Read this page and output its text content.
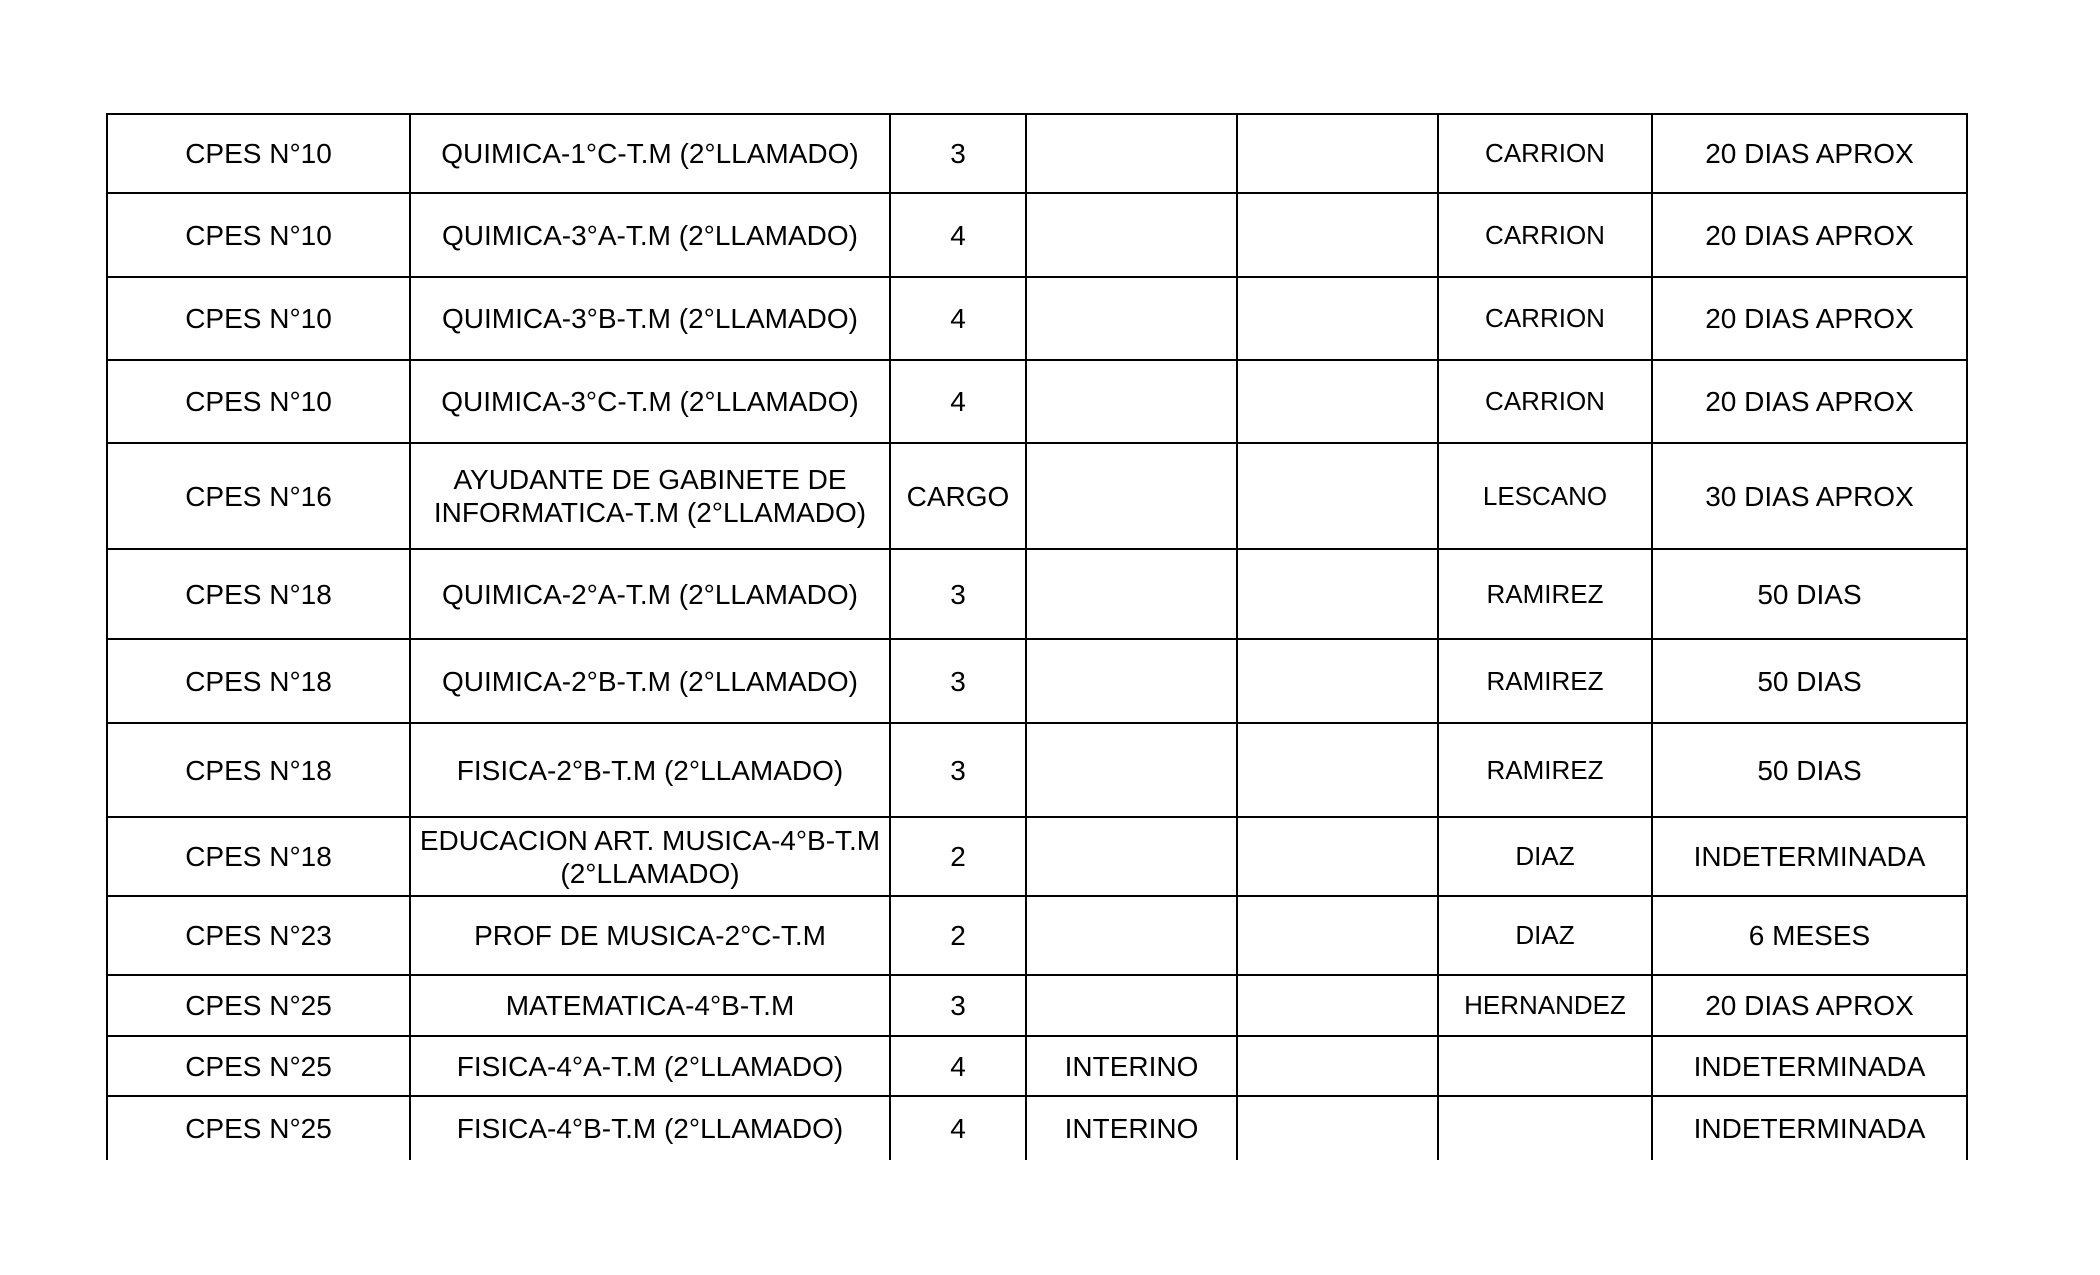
CPES N°10	QUIMICA-1°C-T.M (2°LLAMADO)	3			CARRION	20 DIAS APROX
CPES N°10	QUIMICA-3°A-T.M (2°LLAMADO)	4			CARRION	20 DIAS APROX
CPES N°10	QUIMICA-3°B-T.M (2°LLAMADO)	4			CARRION	20 DIAS APROX
CPES N°10	QUIMICA-3°C-T.M (2°LLAMADO)	4			CARRION	20 DIAS APROX
CPES N°16	AYUDANTE DE GABINETE DE INFORMATICA-T.M (2°LLAMADO)	CARGO			LESCANO	30 DIAS APROX
CPES N°18	QUIMICA-2°A-T.M (2°LLAMADO)	3			RAMIREZ	50 DIAS
CPES N°18	QUIMICA-2°B-T.M (2°LLAMADO)	3			RAMIREZ	50 DIAS
CPES N°18	FISICA-2°B-T.M (2°LLAMADO)	3			RAMIREZ	50 DIAS
CPES N°18	EDUCACION ART. MUSICA-4°B-T.M (2°LLAMADO)	2			DIAZ	INDETERMINADA
CPES N°23	PROF DE MUSICA-2°C-T.M	2			DIAZ	6 MESES
CPES N°25	MATEMATICA-4°B-T.M	3			HERNANDEZ	20 DIAS APROX
CPES N°25	FISICA-4°A-T.M (2°LLAMADO)	4	INTERINO			INDETERMINADA
CPES N°25	FISICA-4°B-T.M (2°LLAMADO)	4	INTERINO			INDETERMINADA
